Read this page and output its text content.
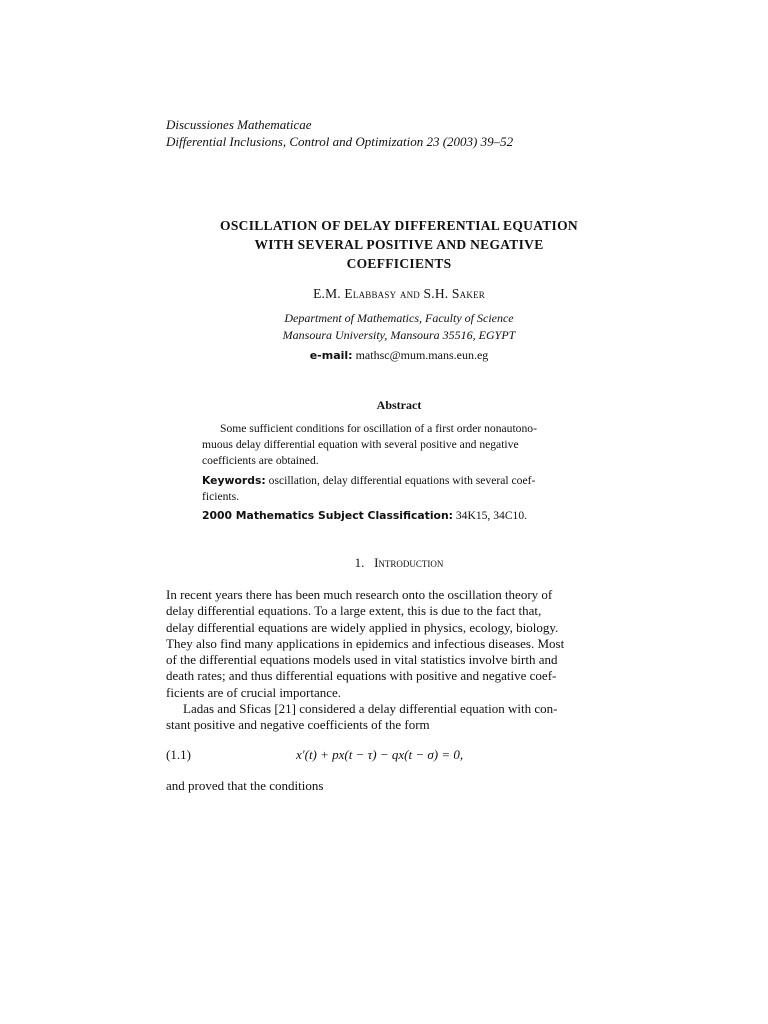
Discussiones Mathematicae
Differential Inclusions, Control and Optimization 23 (2003) 39–52
OSCILLATION OF DELAY DIFFERENTIAL EQUATION
WITH SEVERAL POSITIVE AND NEGATIVE
COEFFICIENTS
E.M. Elabbasy and S.H. Saker
Department of Mathematics, Faculty of Science
Mansoura University, Mansoura 35516, EGYPT
e-mail: mathsc@mum.mans.eun.eg
Abstract
Some sufficient conditions for oscillation of a first order nonautono-
muous delay differential equation with several positive and negative
coefficients are obtained.
Keywords: oscillation, delay differential equations with several coef-
ficients.
2000 Mathematics Subject Classification: 34K15, 34C10.
1. Introduction
In recent years there has been much research onto the oscillation theory of
delay differential equations. To a large extent, this is due to the fact that,
delay differential equations are widely applied in physics, ecology, biology.
They also find many applications in epidemics and infectious diseases. Most
of the differential equations models used in vital statistics involve birth and
death rates; and thus differential equations with positive and negative coef-
ficients are of crucial importance.
Ladas and Sficas [21] considered a delay differential equation with con-
stant positive and negative coefficients of the form
(1.1)	x′(t) + px(t − τ) − qx(t − σ) = 0,
and proved that the conditions
